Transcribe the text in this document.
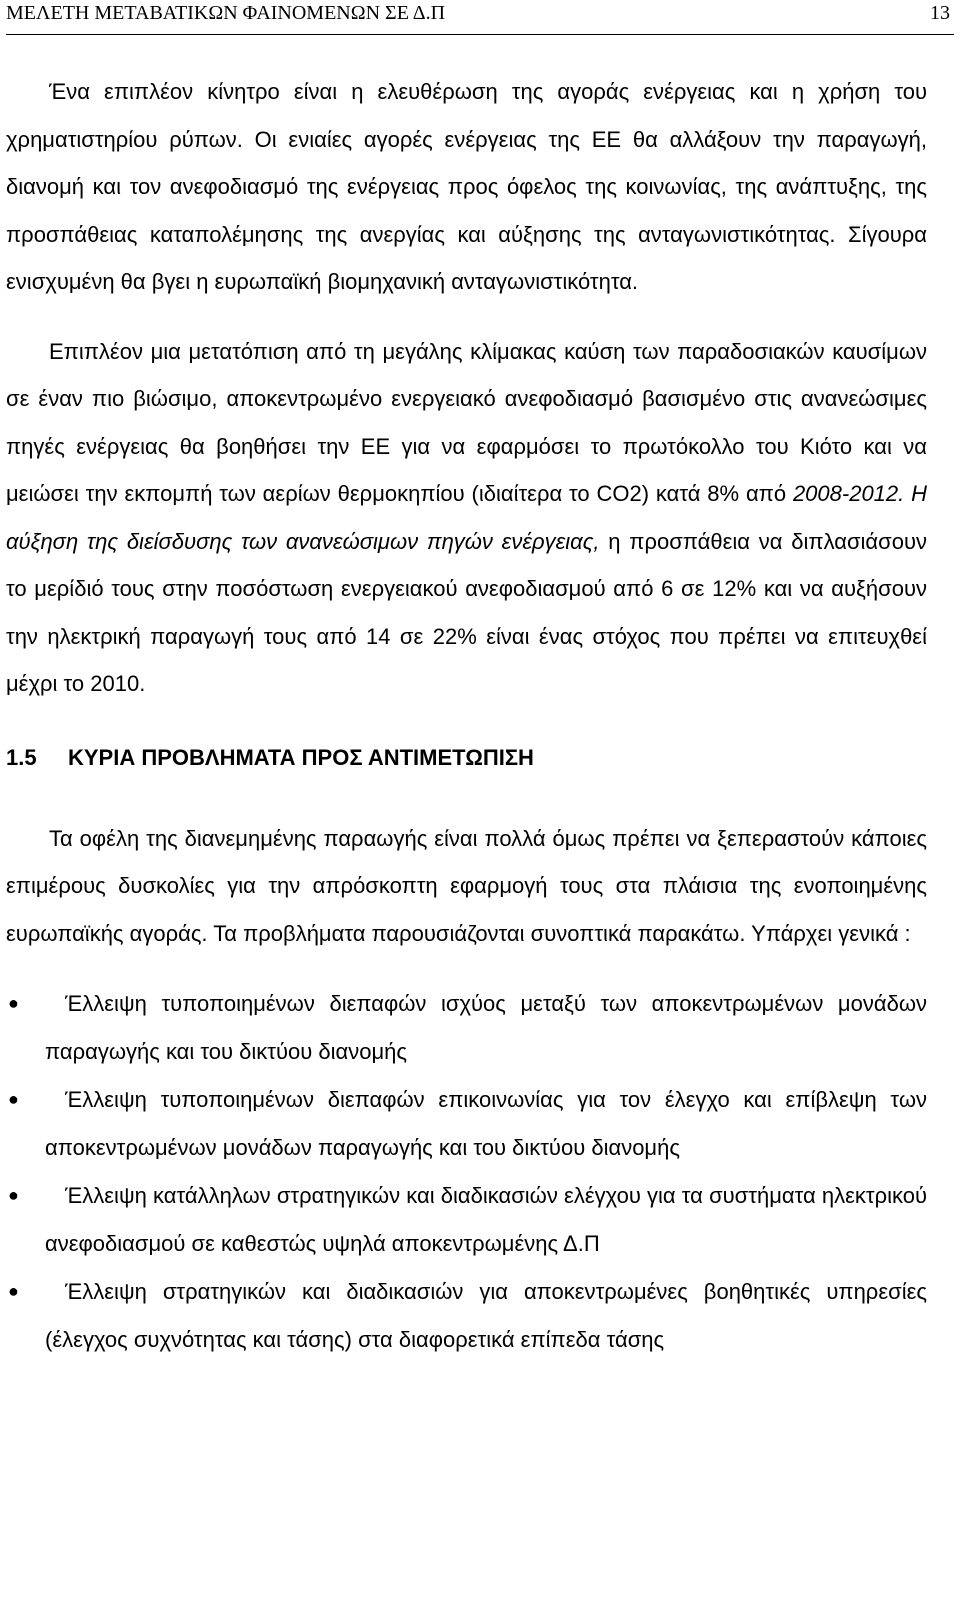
ΜΕΛΕΤΗ ΜΕΤΑΒΑΤΙΚΩΝ ΦΑΙΝΟΜΕΝΩΝ ΣΕ Δ.Π	13

Ένα επιπλέον κίνητρο είναι η ελευθέρωση της αγοράς ενέργειας και η χρήση του χρηματιστηρίου ρύπων. Οι ενιαίες αγορές ενέργειας της ΕΕ θα αλλάξουν την παραγωγή, διανομή και τον ανεφοδιασμό της ενέργειας προς όφελος της κοινωνίας, της ανάπτυξης, της προσπάθειας καταπολέμησης της ανεργίας και αύξησης της ανταγωνιστικότητας. Σίγουρα ενισχυμένη θα βγει η ευρωπαϊκή βιομηχανική ανταγωνιστικότητα.

Επιπλέον μια μετατόπιση από τη μεγάλης κλίμακας καύση των παραδοσιακών καυσίμων σε έναν πιο βιώσιμο, αποκεντρωμένο ενεργειακό ανεφοδιασμό βασισμένο στις ανανεώσιμες πηγές ενέργειας θα βοηθήσει την ΕΕ για να εφαρμόσει το πρωτόκολλο του Κιότο και να μειώσει την εκπομπή των αερίων θερμοκηπίου (ιδιαίτερα το CO2) κατά 8% από 2008-2012. Η αύξηση της διείσδυσης των ανανεώσιμων πηγών ενέργειας, η προσπάθεια να διπλασιάσουν το μερίδιό τους στην ποσόστωση ενεργειακού ανεφοδιασμού από 6 σε 12% και να αυξήσουν την ηλεκτρική παραγωγή τους από 14 σε 22% είναι ένας στόχος που πρέπει να επιτευχθεί μέχρι το 2010.

1.5 ΚΥΡΙΑ ΠΡΟΒΛΗΜΑΤΑ ΠΡΟΣ ΑΝΤΙΜΕΤΩΠΙΣΗ

Τα οφέλη της διανεμημένης παραωγής είναι πολλά όμως πρέπει να ξεπεραστούν κάποιες επιμέρους δυσκολίες για την απρόσκοπτη εφαρμογή τους στα πλάισια της ενοποιημένης ευρωπαϊκής αγοράς. Τα προβλήματα παρουσιάζονται συνοπτικά παρακάτω. Υπάρχει γενικά :

●	Έλλειψη τυποποιημένων διεπαφών ισχύος μεταξύ των αποκεντρωμένων μονάδων παραγωγής και του δικτύου διανομής
●	Έλλειψη τυποποιημένων διεπαφών επικοινωνίας για τον έλεγχο και επίβλεψη των αποκεντρωμένων μονάδων παραγωγής και του δικτύου διανομής
●	Έλλειψη κατάλληλων στρατηγικών και διαδικασιών ελέγχου για τα συστήματα ηλεκτρικού ανεφοδιασμού σε καθεστώς υψηλά αποκεντρωμένης Δ.Π
●	Έλλειψη στρατηγικών και διαδικασιών για αποκεντρωμένες βοηθητικές υπηρεσίες (έλεγχος συχνότητας και τάσης) στα διαφορετικά επίπεδα τάσης
